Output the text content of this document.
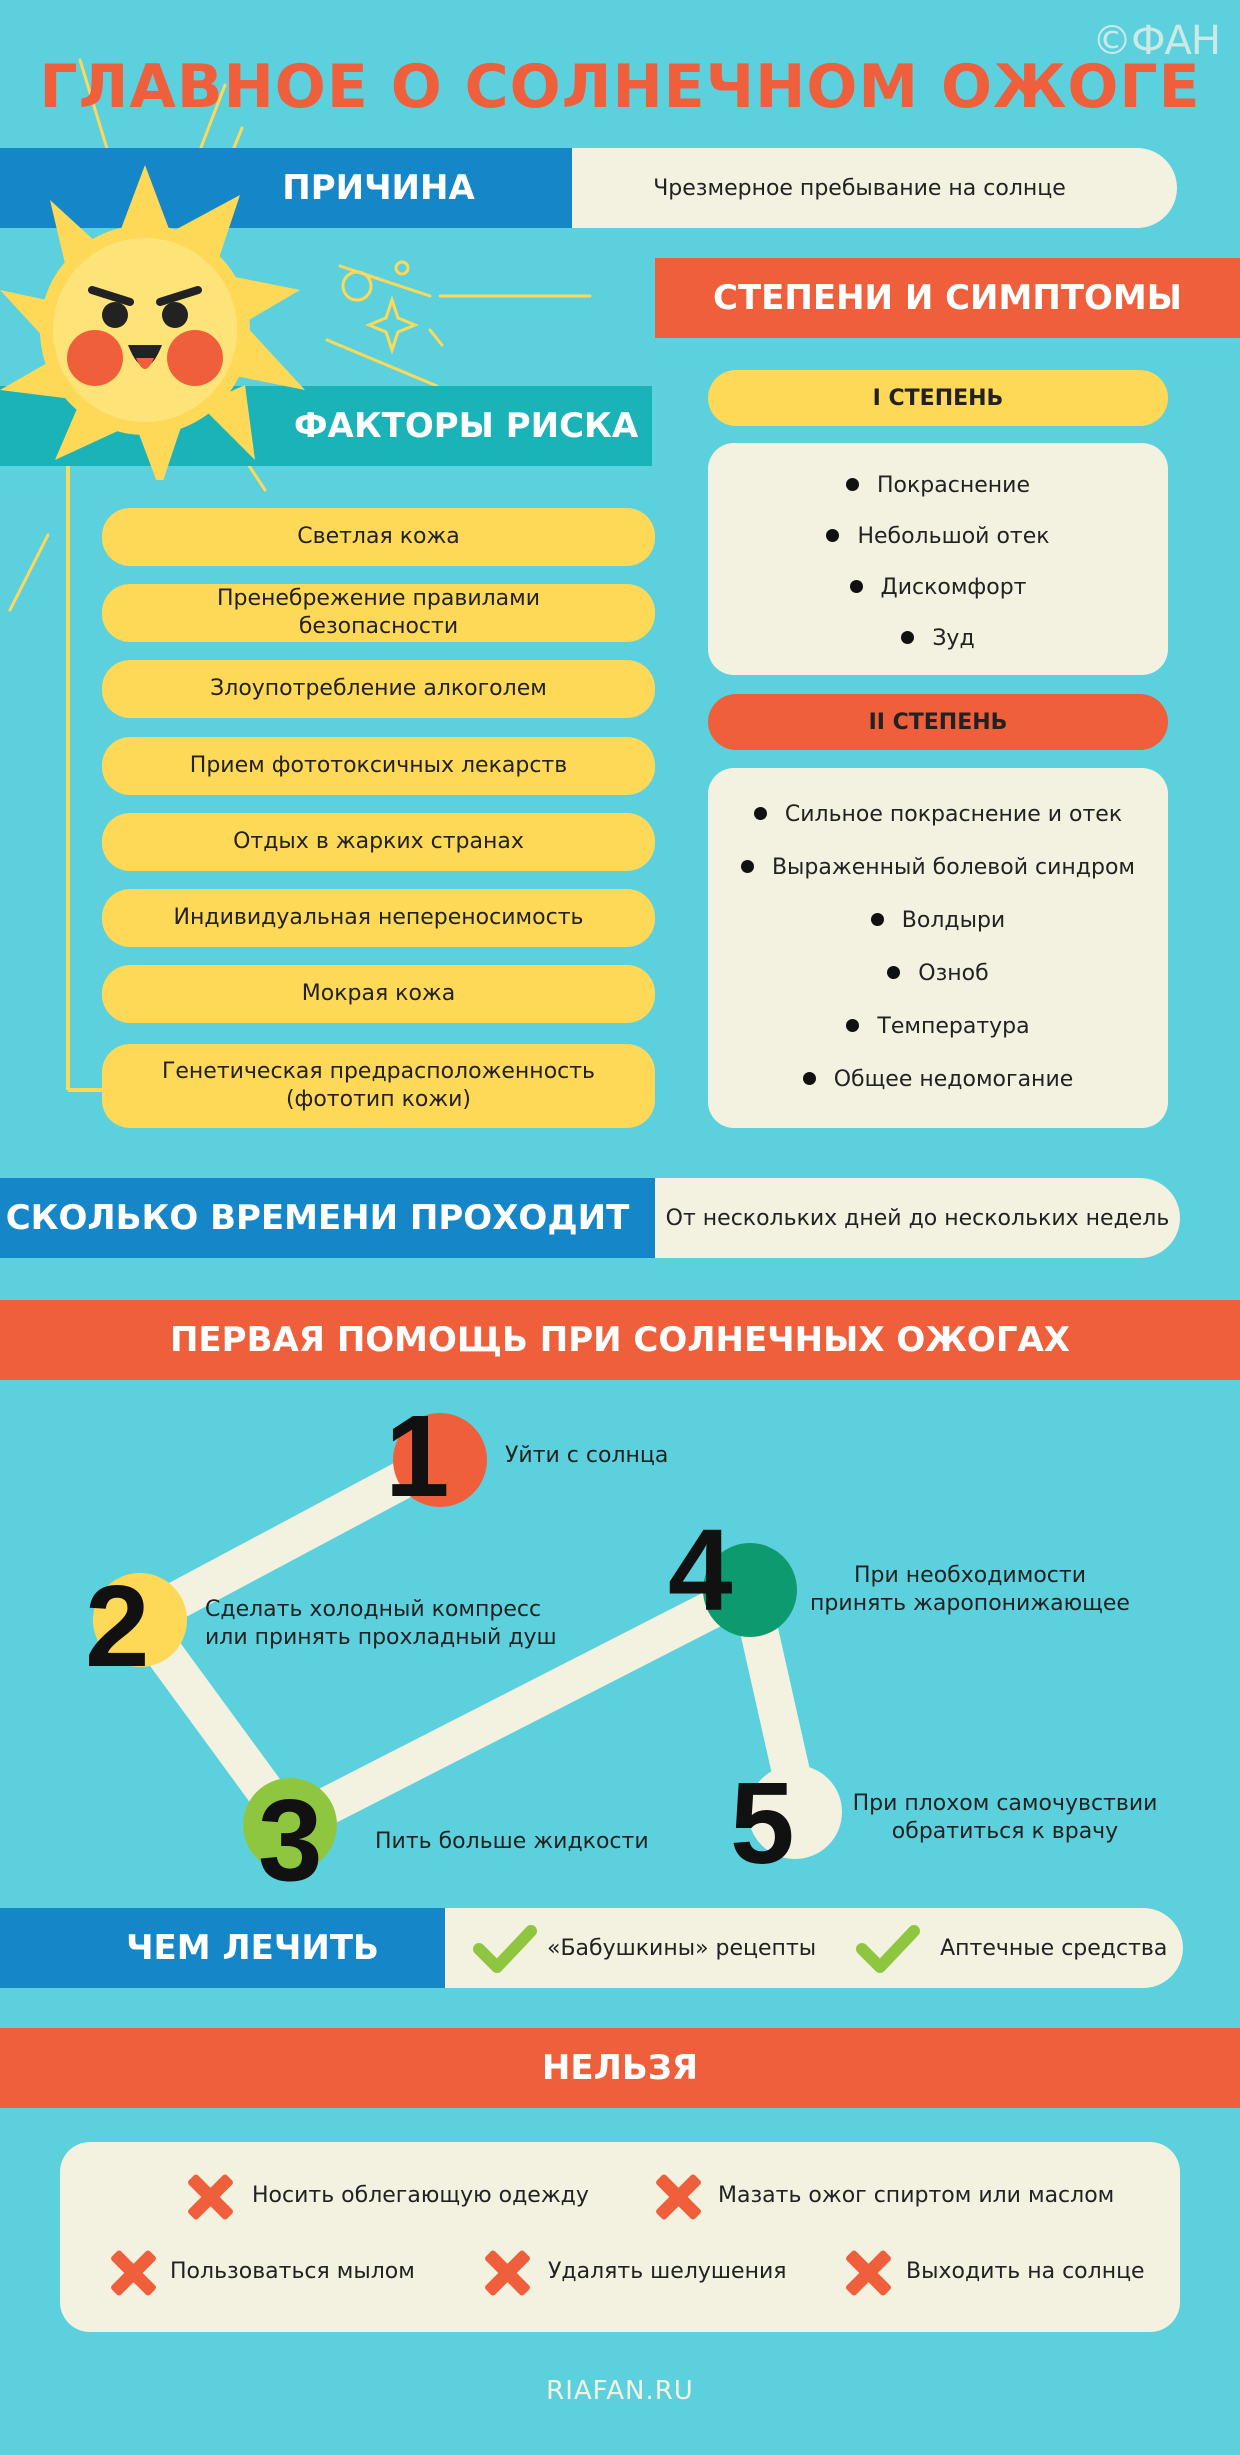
ГЛАВНОЕ О СОЛНЕЧНОМ ОЖОГЕ
©ФАН
ПРИЧИНА	Чрезмерное пребывание на солнце
ФАКТОРЫ РИСКА
Светлая кожа
Пренебрежение правилами безопасности
Злоупотребление алкоголем
Прием фототоксичных лекарств
Отдых в жарких странах
Индивидуальная непереносимость
Мокрая кожа
Генетическая предрасположенность (фототип кожи)
СТЕПЕНИ И СИМПТОМЫ
I СТЕПЕНЬ
Покраснение
Небольшой отек
Дискомфорт
Зуд
II СТЕПЕНЬ
Сильное покраснение и отек
Выраженный болевой синдром
Волдыри
Озноб
Температура
Общее недомогание
СКОЛЬКО ВРЕМЕНИ ПРОХОДИТ От нескольких дней до нескольких недель
ПЕРВАЯ ПОМОЩЬ ПРИ СОЛНЕЧНЫХ ОЖОГАХ
1	Уйти с солнца
2	Сделать холодный компресс или принять прохладный душ
3 Пить больше жидкости
4	При необходимости принять жаропонижающее
5	При плохом самочувствии обратиться к врачу
ЧЕМ ЛЕЧИТЬ	«Бабушкины» рецепты	Аптечные средства
НЕЛЬЗЯ
Носить облегающую одежду	Мазать ожог спиртом или маслом
Пользоваться мылом	Удалять шелушения	Выходить на солнце
RIAFAN.RU
